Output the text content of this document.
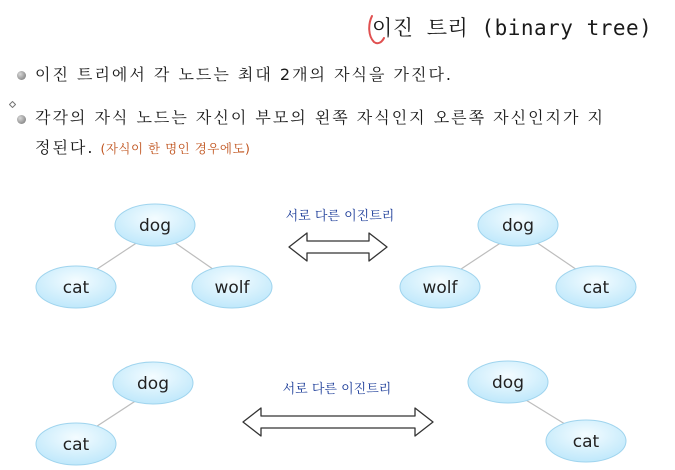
이진 트리 (binary tree)
이진 트리에서 각 노드는 최대 2개의 자식을 가진다.
각각의 자식 노드는 자신이 부모의 왼쪽 자식인지 오른쪽 자신인지가 지
정된다. (자식이 한 명인 경우에도)
dog
cat	wolf
서로 다른 이진트리	dog
wolf	cat
dog
cat
서로 다른 이진트리	dog
cat
